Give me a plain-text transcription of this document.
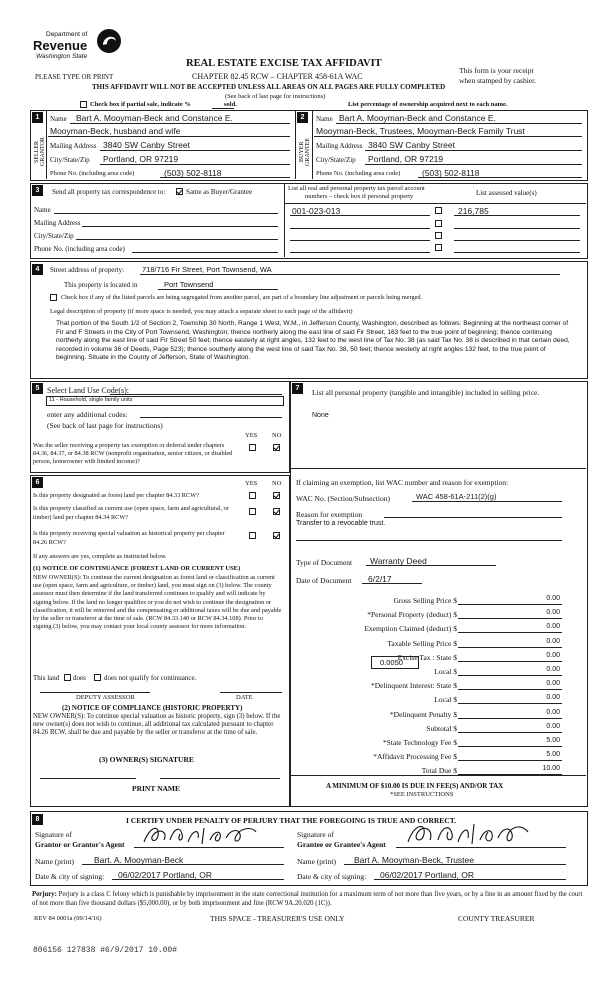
Department of
Revenue
Washington State
PLEASE TYPE OR PRINT
REAL ESTATE EXCISE TAX AFFIDAVIT
CHAPTER 82.45 RCW – CHAPTER 458-61A WAC
This form is your receipt
when stamped by cashier.
THIS AFFIDAVIT WILL NOT BE ACCEPTED UNLESS ALL AREAS ON ALL PAGES ARE FULLY COMPLETED
(See back of last page for instructions)
Check box if partial sale, indicate %	sold.	List percentage of ownership acquired next to each name.
1
SELLER GRANTOR
Name Bart A. Mooyman-Beck and Constance E.
Mooyman-Beck, husband and wife
Mailing Address 3840 SW Canby Street
City/State/Zip Portland, OR 97219
Phone No. (including area code)	(503) 502-8118
2
BUYER GRANTEE
Name Bart A. Mooyman-Beck and Constance E.
Mooyman-Beck, Trustees, Mooyman-Beck Family Trust
Mailing Address 3840 SW Canby Street
City/State/Zip Portland, OR 97219
Phone No. (including area code)	(503) 502-8118
3	Send all property tax correspondence to:	Same as Buyer/Grantee
Name
Mailing Address
City/State/Zip
Phone No. (including area code)
List all real and personal property tax parcel account
numbers – check box if personal property	List assessed value(s)
001-023-013	216,785
4	Street address of property: 718/716 Fir Street, Port Townsend, WA
This property is located in	Port Townsend
Check box if any of the listed parcels are being segregated from another parcel, are part of a boundary line adjustment or parcels being merged.
Legal description of property (if more space is needed, you may attach a separate sheet to each page of the affidavit)
That portion of the South 1/2 of Section 2, Township 30 North, Range 1 West, W.M., in Jefferson County, Washington, described as follows: Beginning at the northeast corner of Fir and F Streets in the City of Port Townsend, Washington; thence northerly along the east line of said Fir Street, 163 feet to the true point of beginning; thence continuing northerly along the east line of said Fir Street 50 feet; thence easterly at right angles, 132 feet to the west line of Tax No. 38 (as said Tax No. 38 is described in that certain deed, recorded in volume 36 of Deeds, Page 523); thence southerly along the west line of said Tax No. 38, 50 feet; thence westerly at right angles 132 feet, to the true point of beginning. Situate in the County of Jefferson, State of Washington.
5 Select Land Use Code(s):
11 - Household, single family units
enter any additional codes:
(See back of last page for instructions)
YES NO
Was the seller receiving a property tax exemption or deferral under chapters 84.36, 84.37, or 84.38 RCW (nonprofit organization, senior citizen, or disabled person, homeowner with limited income)?
6	YES NO
Is this property designated as forest land per chapter 84.33 RCW?
Is this property classified as current use (open space, farm and agricultural, or timber) land per chapter 84.34 RCW?
Is this property receiving special valuation as historical property per chapter 84.26 RCW?
If any answers are yes, complete as instructed below.
(1) NOTICE OF CONTINUANCE (FOREST LAND OR CURRENT USE)
NEW OWNER(S): To continue the current designation as forest land or classification as current use (open space, farm and agriculture, or timber) land, you must sign on (3) below. The county assessor must then determine if the land transferred continues to qualify and will indicate by signing below. If the land no longer qualifies or you do not wish to continue the designation or classification, it will be removed and the compensating or additional taxes will be due and payable by the seller or transferor at the time of sale. (RCW 84.33.140 or RCW 84.34.108). Prior to signing (3) below, you may contact your local county assessor for more information.
This land does	does not qualify for continuance.
DEPUTY ASSESSOR	DATE
(2) NOTICE OF COMPLIANCE (HISTORIC PROPERTY)
NEW OWNER(S): To continue special valuation as historic property, sign (3) below. If the new owner(s) does not wish to continue, all additional tax calculated pursuant to chapter 84.26 RCW, shall be due and payable by the seller or transferor at the time of sale.
(3) OWNER(S) SIGNATURE
PRINT NAME
7	List all personal property (tangible and intangible) included in selling price.
None
If claiming an exemption, list WAC number and reason for exemption:
WAC No. (Section/Subsection)	WAC 458-61A-211(2)(g)
Reason for exemption
Transfer to a revocable trust.
Type of Document Warranty Deed
Date of Document 6/2/17
Gross Selling Price $	0.00
*Personal Property (deduct) $	0.00
Exemption Claimed (deduct) $	0.00
Taxable Selling Price $	0.00
Excise Tax : State $	0.00
Local $	0.00
*Delinquent Interest: State $	0.00
Local $	0.00
*Delinquent Penalty $	0.00
Subtotal $	0.00
*State Technology Fee $	5.00
*Affidavit Processing Fee $	5.00
Total Due $	10.00
0.0050
A MINIMUM OF $10.00 IS DUE IN FEE(S) AND/OR TAX
*SEE INSTRUCTIONS
8	I CERTIFY UNDER PENALTY OF PERJURY THAT THE FOREGOING IS TRUE AND CORRECT.
Signature of
Grantor or Grantor's Agent
Name (print) Bart. A. Mooyman-Beck
Date & city of signing: 06/02/2017 Portland, OR
Signature of
Grantee or Grantee's Agent
Name (print) Bart A. Mooyman-Beck, Trustee
Date & city of signing: 06/02/2017 Portland, OR
Perjury: Perjury is a class C felony which is punishable by imprisonment in the state correctional institution for a maximum term of not more than five years, or by a fine in an amount fixed by the court of not more than five thousand dollars ($5,000.00), or by both imprisonment and fine (RCW 9A.20.020 (1C)).
REV 84 0001a (09/14/16)	THIS SPACE - TREASURER'S USE ONLY	COUNTY TREASURER
806156 127838 #6/9/2017 10.00#
